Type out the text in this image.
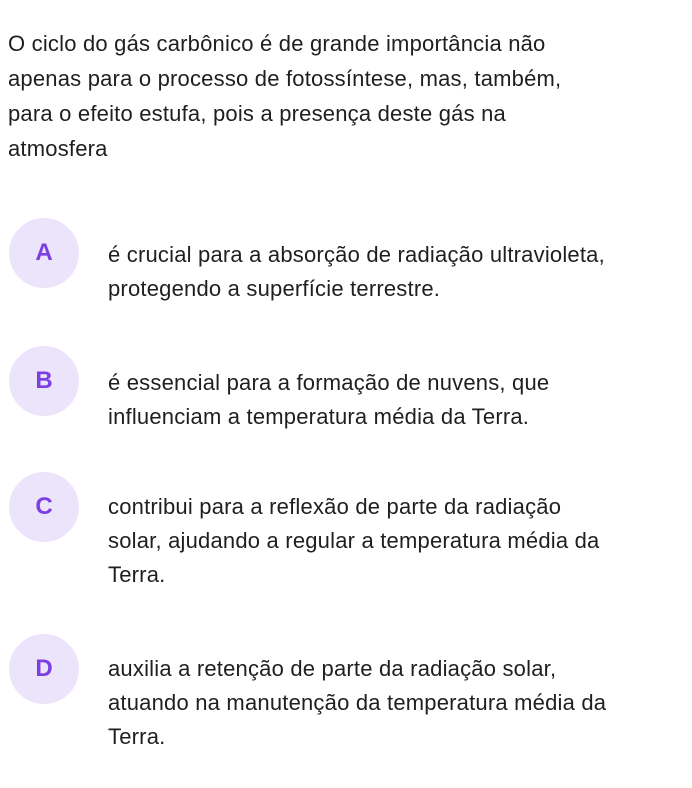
O ciclo do gás carbônico é de grande importância não
apenas para o processo de fotossíntese, mas, também,
para o efeito estufa, pois a presença deste gás na
atmosfera

A	é crucial para a absorção de radiação ultravioleta,
protegendo a superfície terrestre.
B	é essencial para a formação de nuvens, que
influenciam a temperatura média da Terra.
C	contribui para a reflexão de parte da radiação
solar, ajudando a regular a temperatura média da
Terra.
D	auxilia a retenção de parte da radiação solar,
atuando na manutenção da temperatura média da
Terra.
